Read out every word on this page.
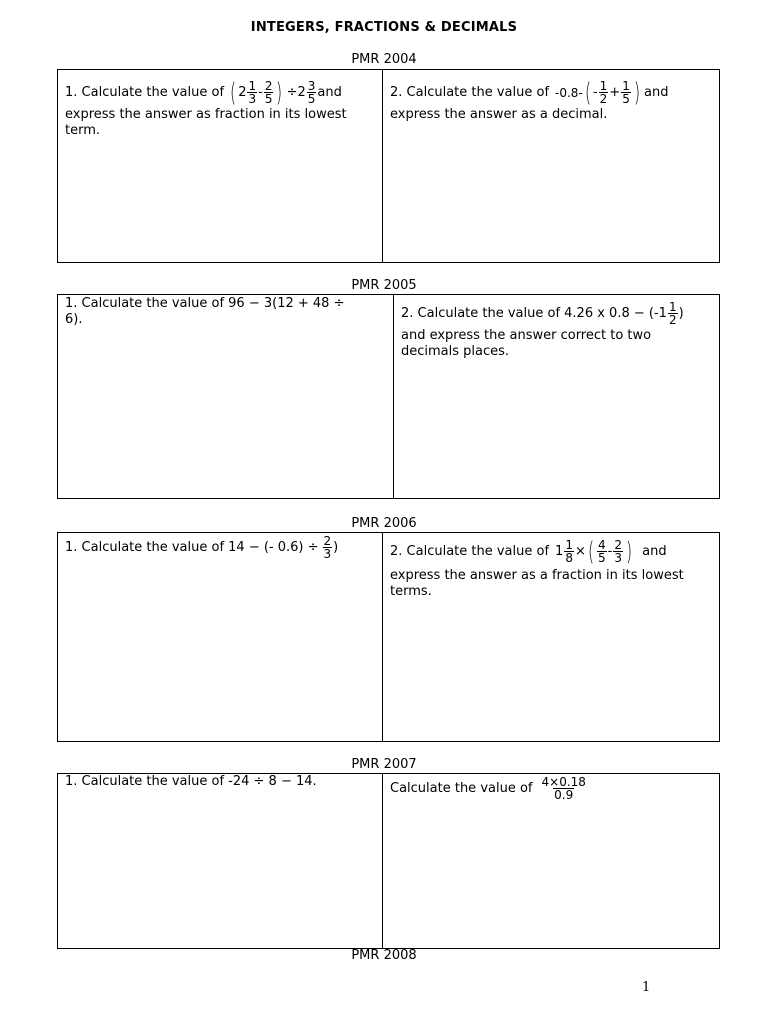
INTEGERS, FRACTIONS & DECIMALS
PMR 2004
1. Calculate the value of ( $2 \frac{1}{3} - \frac{2}{5}$ ) $\div 2 \frac{3}{5}$ and
express the answer as fraction in its lowest
term.
2. Calculate the value of -0.8- ( - $\frac{1}{2} + \frac{1}{5}$ ) and
express the answer as a decimal.
PMR 2005
1. Calculate the value of 96 − 3(12 + 48 ÷
6).	2. Calculate the value of 4.26 x $0.8 - (-1 \frac{1}{2}$ )
and express the answer correct to two
decimals places.
PMR 2006
1. Calculate the value of 14 − (- $0.6) \div \frac{2}{3}$ )	2. Calculate the value of $1 \frac{1}{8}$ × ( $\frac{4}{5} - \frac{2}{3}$ ) and
express the answer as a fraction in its lowest
terms.
PMR 2007
1. Calculate the value of -24 ÷ 8 − 14.	Calculate the value of $\frac{4\times 0.18}{0.9}$
PMR 2008
1
